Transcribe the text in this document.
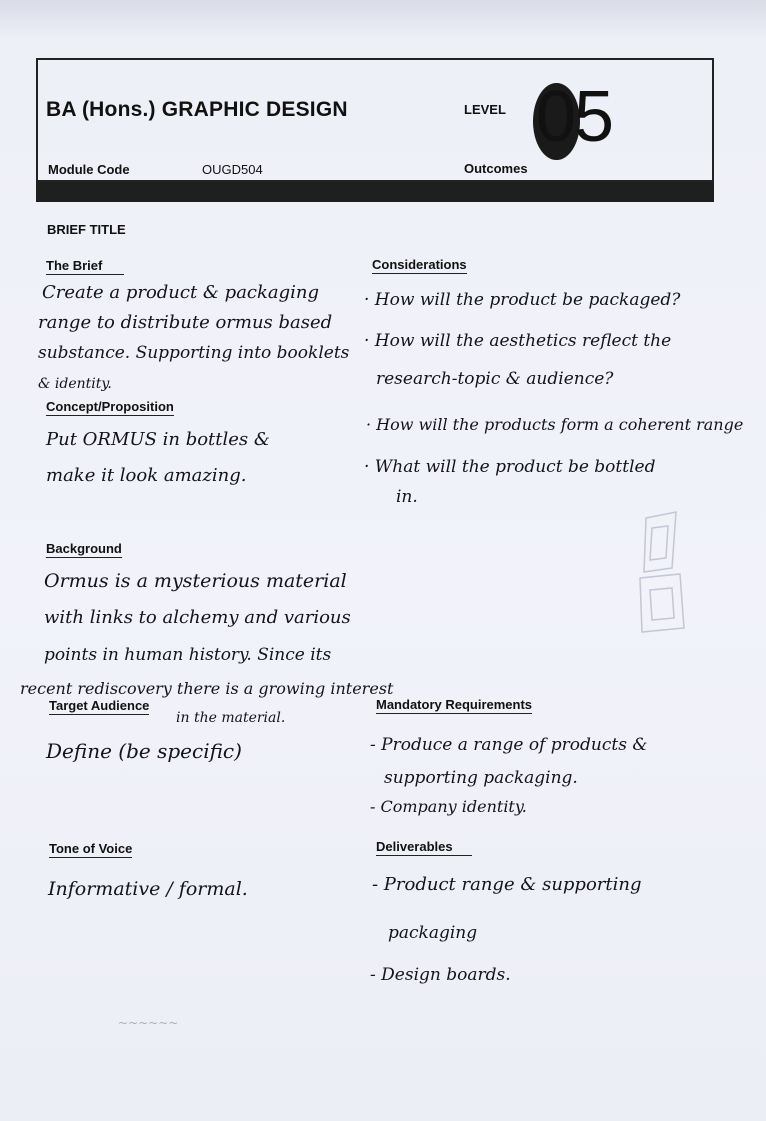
BA (Hons.) GRAPHIC DESIGN	LEVEL 05
Module Code	OUGD504	Outcomes
BRIEF TITLE
The Brief
Create a product & packaging
range to distribute ormus based
substance. Supporting into booklets
& identity.
Concept/Proposition
Put ORMUS in bottles &
make it look amazing.
Considerations
· How will the product be packaged?
· How will the aesthetics reflect the
research-topic & audience?
· How will the products form a coherent range
· What will the product be bottled
in.
Background
Ormus is a mysterious material
with links to alchemy and various
points in human history. Since its
recent rediscovery there is a growing interest
in the material.
Target Audience
Define (be specific)
Mandatory Requirements
- Produce a range of products &
supporting packaging.
- Company identity.
Tone of Voice
Informative / formal.
Deliverables
- Product range & supporting
packaging
- Design boards.
~~~~~~
